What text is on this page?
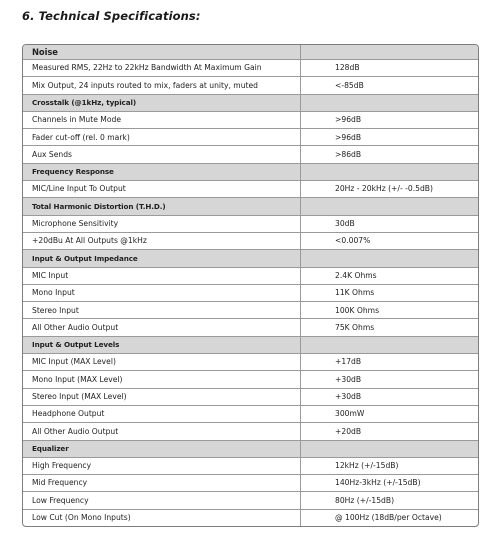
6. Technical Specifications:
Noise	
Measured RMS, 22Hz to 22kHz Bandwidth At Maximum Gain	128dB
Mix Output, 24 inputs routed to mix, faders at unity, muted	<-85dB
Crosstalk (@1kHz, typical)	
Channels in Mute Mode	>96dB
Fader cut-off (rel. 0 mark)	>96dB
Aux Sends	>86dB
Frequency Response	
MIC/Line Input To Output	20Hz - 20kHz (+/- -0.5dB)
Total Harmonic Distortion (T.H.D.)	
Microphone Sensitivity	30dB
+20dBu At All Outputs @1kHz	<0.007%
Input & Output Impedance	
MIC Input	2.4K Ohms
Mono Input	11K Ohms
Stereo Input	100K Ohms
All Other Audio Output	75K Ohms
Input & Output Levels	
MIC Input (MAX Level)	+17dB
Mono Input (MAX Level)	+30dB
Stereo Input (MAX Level)	+30dB
Headphone Output	300mW
All Other Audio Output	+20dB
Equalizer	
High Frequency	12kHz (+/-15dB)
Mid Frequency	140Hz-3kHz (+/-15dB)
Low Frequency	80Hz (+/-15dB)
Low Cut (On Mono Inputs)	@ 100Hz (18dB/per Octave)
